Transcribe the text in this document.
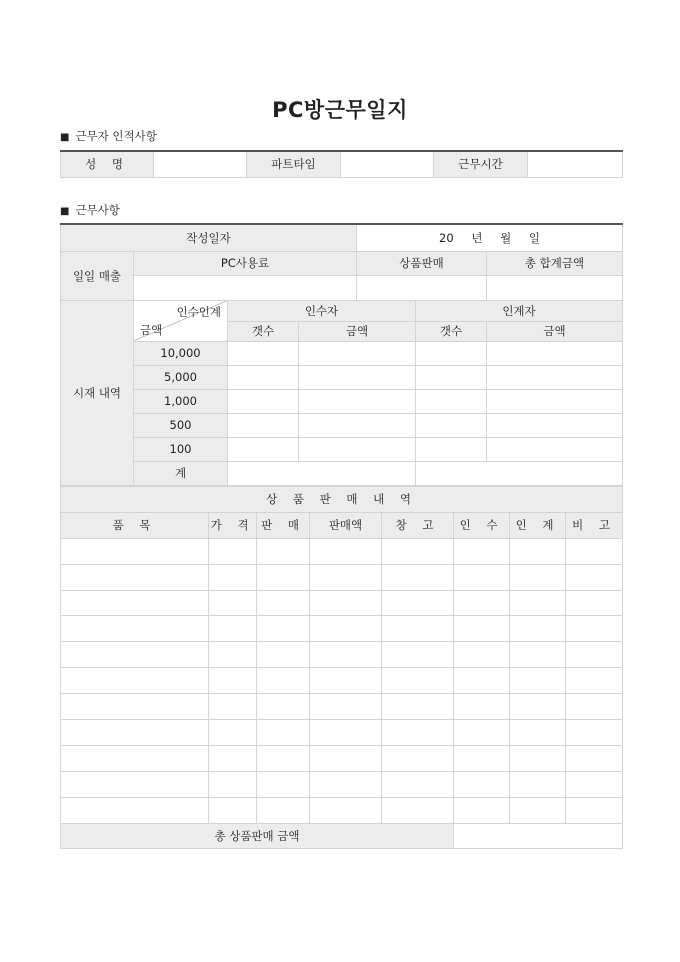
PC방근무일지
■ 근무자 인적사항
성 명		파트타임		근무시간	
■ 근무사항
작성일자				20 년 월 일		
일일 매출	PC사용료			상품판매		총 합계금액

시재 내역	인수인계
금액	인수자			인계자	
		갯수	금액		갯수	금액
	10,000					
	5,000					
	1,000					
	500					
	100					
	계					
상 품 판 매 내 역							
품 목	가 격	판 매	판매액	창 고	인 수	인 계	비 고

총 상품판매 금액							
